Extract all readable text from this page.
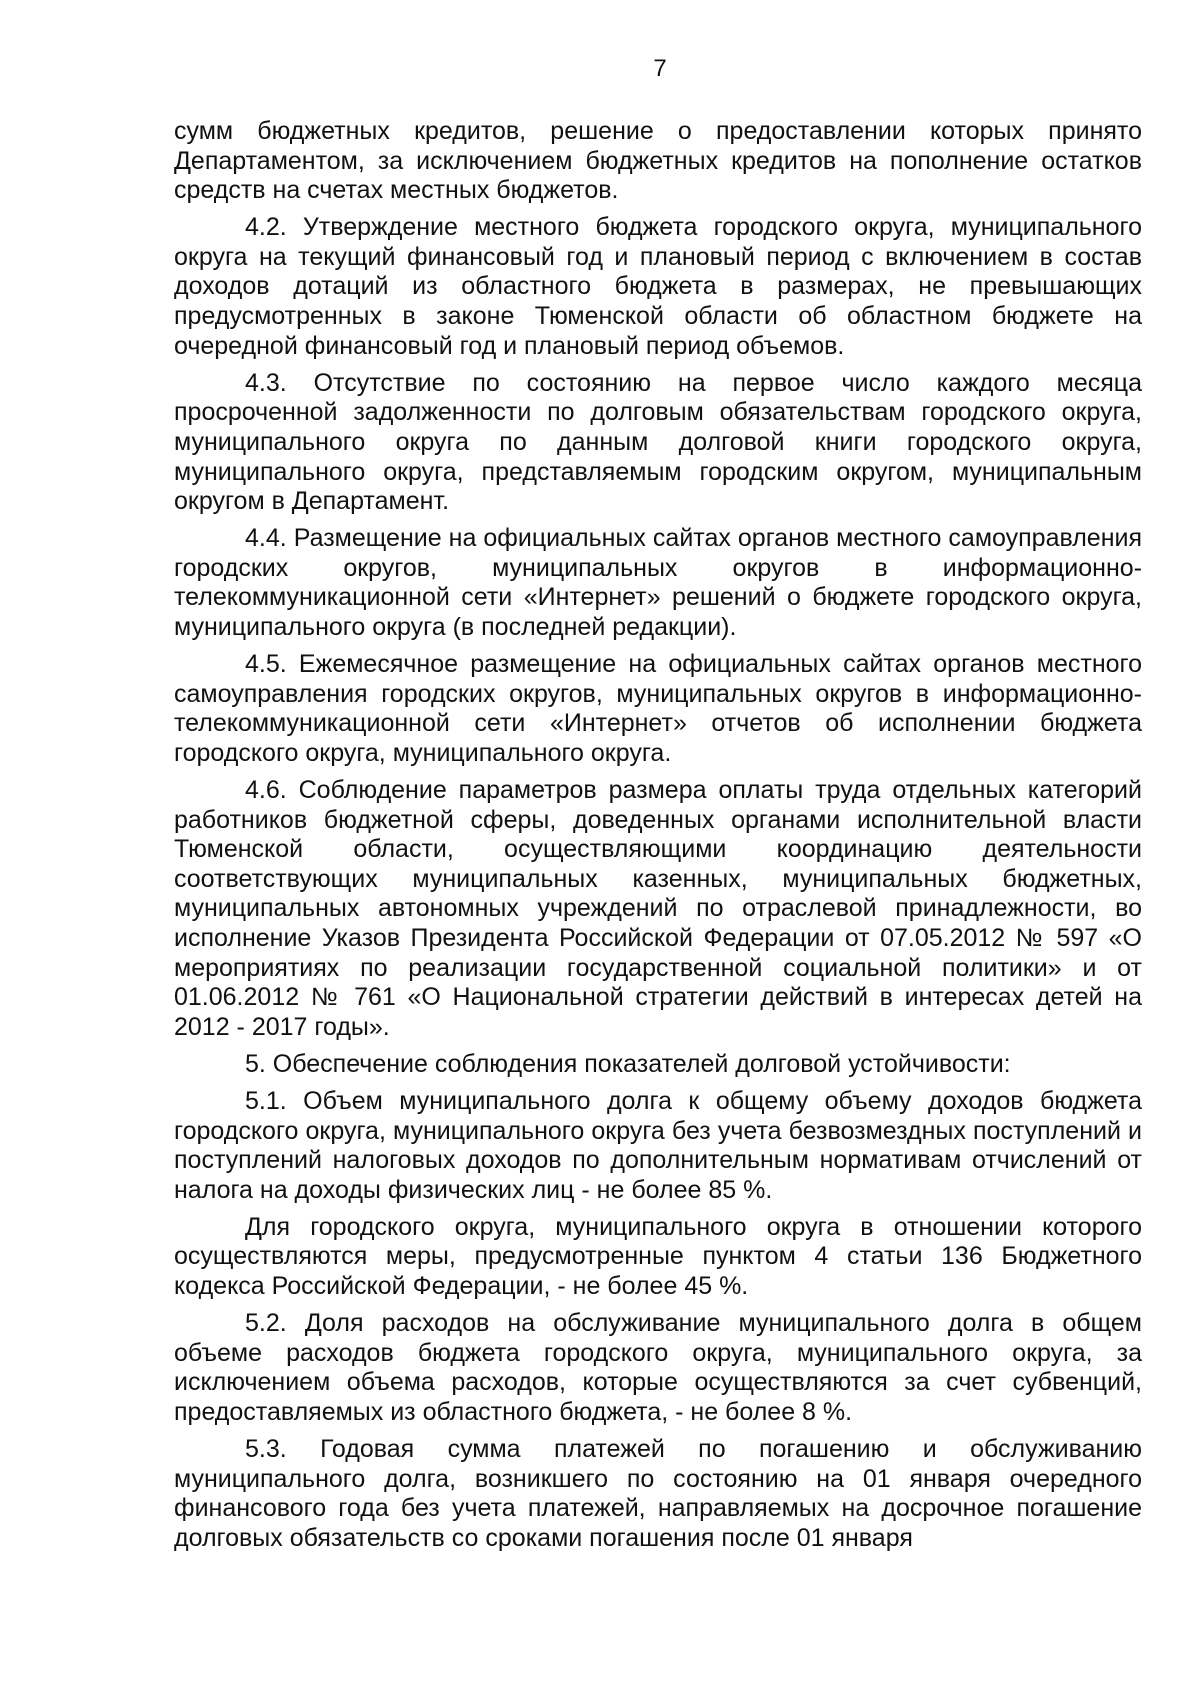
7

сумм бюджетных кредитов, решение о предоставлении которых принято Департаментом, за исключением бюджетных кредитов на пополнение остатков средств на счетах местных бюджетов.

4.2. Утверждение местного бюджета городского округа, муниципального округа на текущий финансовый год и плановый период с включением в состав доходов дотаций из областного бюджета в размерах, не превышающих предусмотренных в законе Тюменской области об областном бюджете на очередной финансовый год и плановый период объемов.

4.3. Отсутствие по состоянию на первое число каждого месяца просроченной задолженности по долговым обязательствам городского округа, муниципального округа по данным долговой книги городского округа, муниципального округа, представляемым городским округом, муниципальным округом в Департамент.

4.4. Размещение на официальных сайтах органов местного самоуправления городских округов, муниципальных округов в информационно-телекоммуникационной сети «Интернет» решений о бюджете городского округа, муниципального округа (в последней редакции).

4.5. Ежемесячное размещение на официальных сайтах органов местного самоуправления городских округов, муниципальных округов в информационно-телекоммуникационной сети «Интернет» отчетов об исполнении бюджета городского округа, муниципального округа.

4.6. Соблюдение параметров размера оплаты труда отдельных категорий работников бюджетной сферы, доведенных органами исполнительной власти Тюменской области, осуществляющими координацию деятельности соответствующих муниципальных казенных, муниципальных бюджетных, муниципальных автономных учреждений по отраслевой принадлежности, во исполнение Указов Президента Российской Федерации от 07.05.2012 № 597 «О мероприятиях по реализации государственной социальной политики» и от 01.06.2012 № 761 «О Национальной стратегии действий в интересах детей на 2012 - 2017 годы».

5. Обеспечение соблюдения показателей долговой устойчивости:

5.1. Объем муниципального долга к общему объему доходов бюджета городского округа, муниципального округа без учета безвозмездных поступлений и поступлений налоговых доходов по дополнительным нормативам отчислений от налога на доходы физических лиц - не более 85 %.

Для городского округа, муниципального округа в отношении которого осуществляются меры, предусмотренные пунктом 4 статьи 136 Бюджетного кодекса Российской Федерации, - не более 45 %.

5.2. Доля расходов на обслуживание муниципального долга в общем объеме расходов бюджета городского округа, муниципального округа, за исключением объема расходов, которые осуществляются за счет субвенций, предоставляемых из областного бюджета, - не более 8 %.

5.3. Годовая сумма платежей по погашению и обслуживанию муниципального долга, возникшего по состоянию на 01 января очередного финансового года без учета платежей, направляемых на досрочное погашение долговых обязательств со сроками погашения после 01 января
